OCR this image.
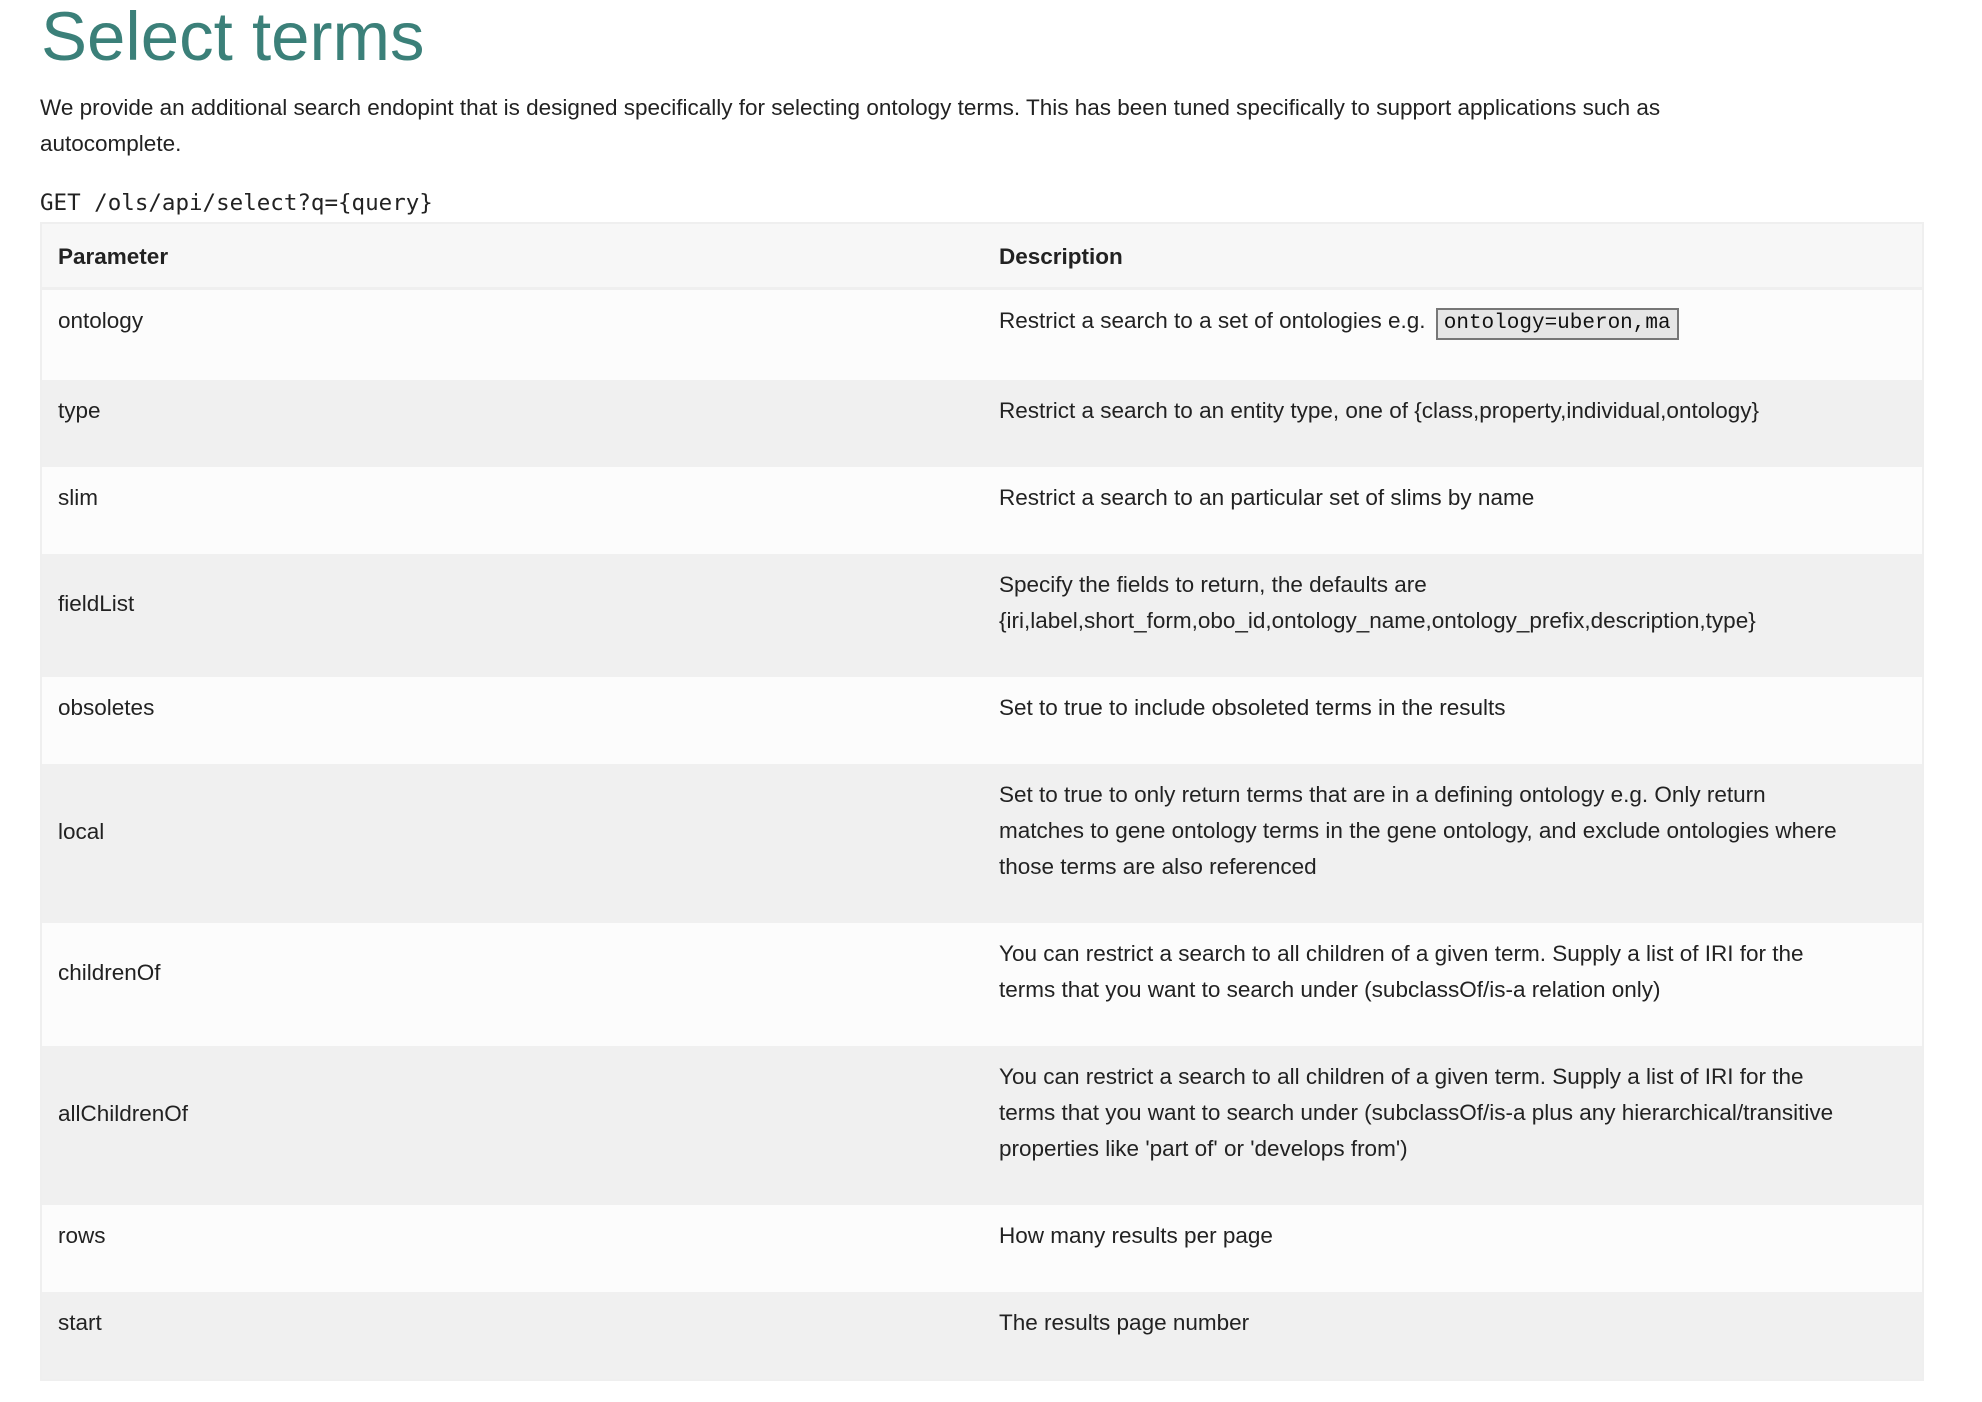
Select terms

We provide an additional search endopint that is designed specifically for selecting ontology terms. This has been tuned specifically to support applications such as
autocomplete.

GET /ols/api/select?q={query}
Parameter	Description
ontology	Restrict a search to a set of ontologies e.g. ontology=uberon,ma
type	Restrict a search to an entity type, one of {class,property,individual,ontology}

slim	Restrict a search to an particular set of slims by name

fieldList	Specify the fields to return, the defaults are
{iri,label,short_form,obo_id,ontology_name,ontology_prefix,description,type}

obsoletes	Set to true to include obsoleted terms in the results

local	Set to true to only return terms that are in a defining ontology e.g. Only return
matches to gene ontology terms in the gene ontology, and exclude ontologies where
those terms are also referenced

childrenOf	You can restrict a search to all children of a given term. Supply a list of IRI for the
terms that you want to search under (subclassOf/is-a relation only)

allChildrenOf	You can restrict a search to all children of a given term. Supply a list of IRI for the
terms that you want to search under (subclassOf/is-a plus any hierarchical/transitive
properties like 'part of' or 'develops from')

rows	How many results per page

start	The results page number
